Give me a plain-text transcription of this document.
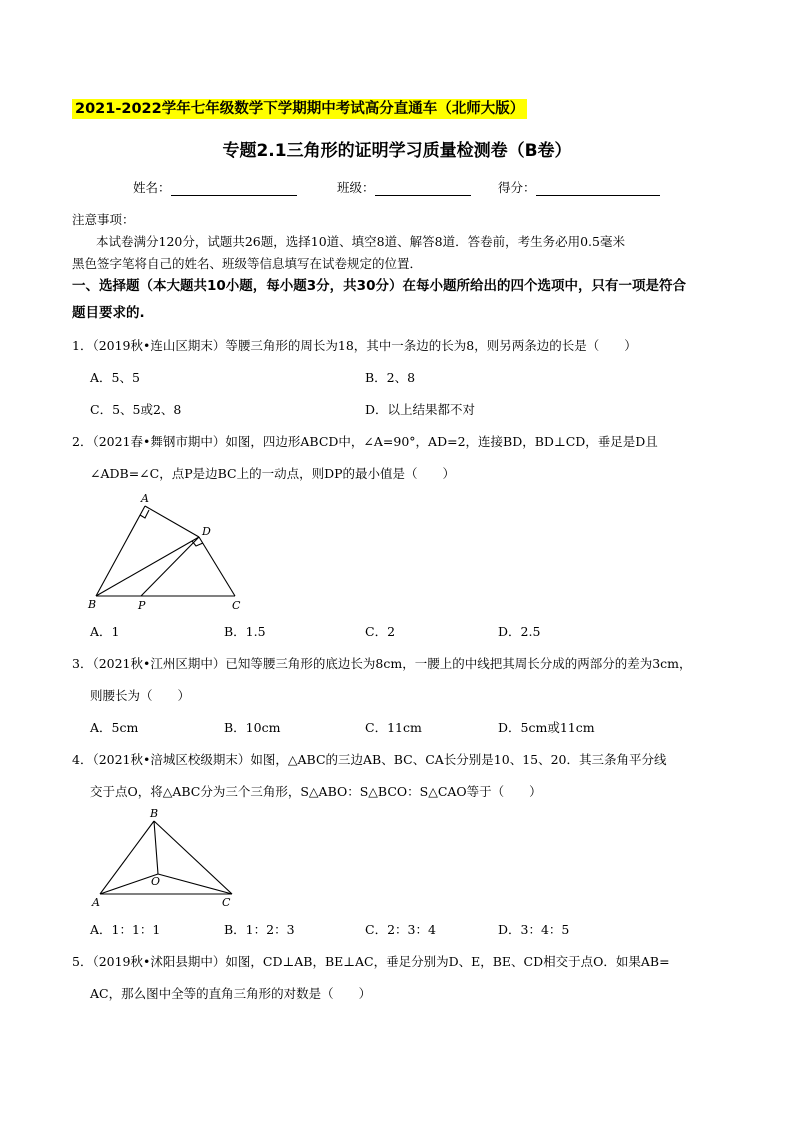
2021-2022学年七年级数学下学期期中考试高分直通车（北师大版）
专题2.1三角形的证明学习质量检测卷（B卷）
姓名：	班级：	得分：
注意事项：
本试卷满分120分，试题共26题，选择10道、填空8道、解答8道．答卷前，考生务必用0.5毫米
黑色签字笔将自己的姓名、班级等信息填写在试卷规定的位置．
一、选择题（本大题共10小题，每小题3分，共30分）在每小题所给出的四个选项中，只有一项是符合
题目要求的.
1．（2019秋•连山区期末）等腰三角形的周长为18，其中一条边的长为8，则另两条边的长是（　　）
A．5、5	B．2、8
C．5、5或2、8	D．以上结果都不对
2．（2021春•舞钢市期中）如图，四边形ABCD中，∠A=90°，AD=2，连接BD，BD⊥CD，垂足是D且
∠ADB=∠C，点P是边BC上的一动点，则DP的最小值是（　　）
A
D
B	P	C
A．1	B．1.5	C．2	D．2.5
3．（2021秋•江州区期中）已知等腰三角形的底边长为8cm，一腰上的中线把其周长分成的两部分的差为3cm，
则腰长为（　　）
A．5cm	B．10cm	C．11cm	D．5cm或11cm
4．（2021秋•涪城区校级期末）如图，△ABC的三边AB、BC、CA长分别是10、15、20．其三条角平分线
交于点O，将△ABC分为三个三角形，S△ABO：S△BCO：S△CAO等于（　　）
B
O
A	C
A．1：1：1	B．1：2：3	C．2：3：4	D．3：4：5
5．（2019秋•沭阳县期中）如图，CD⊥AB，BE⊥AC，垂足分别为D、E，BE、CD相交于点O．如果AB=
AC，那么图中全等的直角三角形的对数是（　　）
